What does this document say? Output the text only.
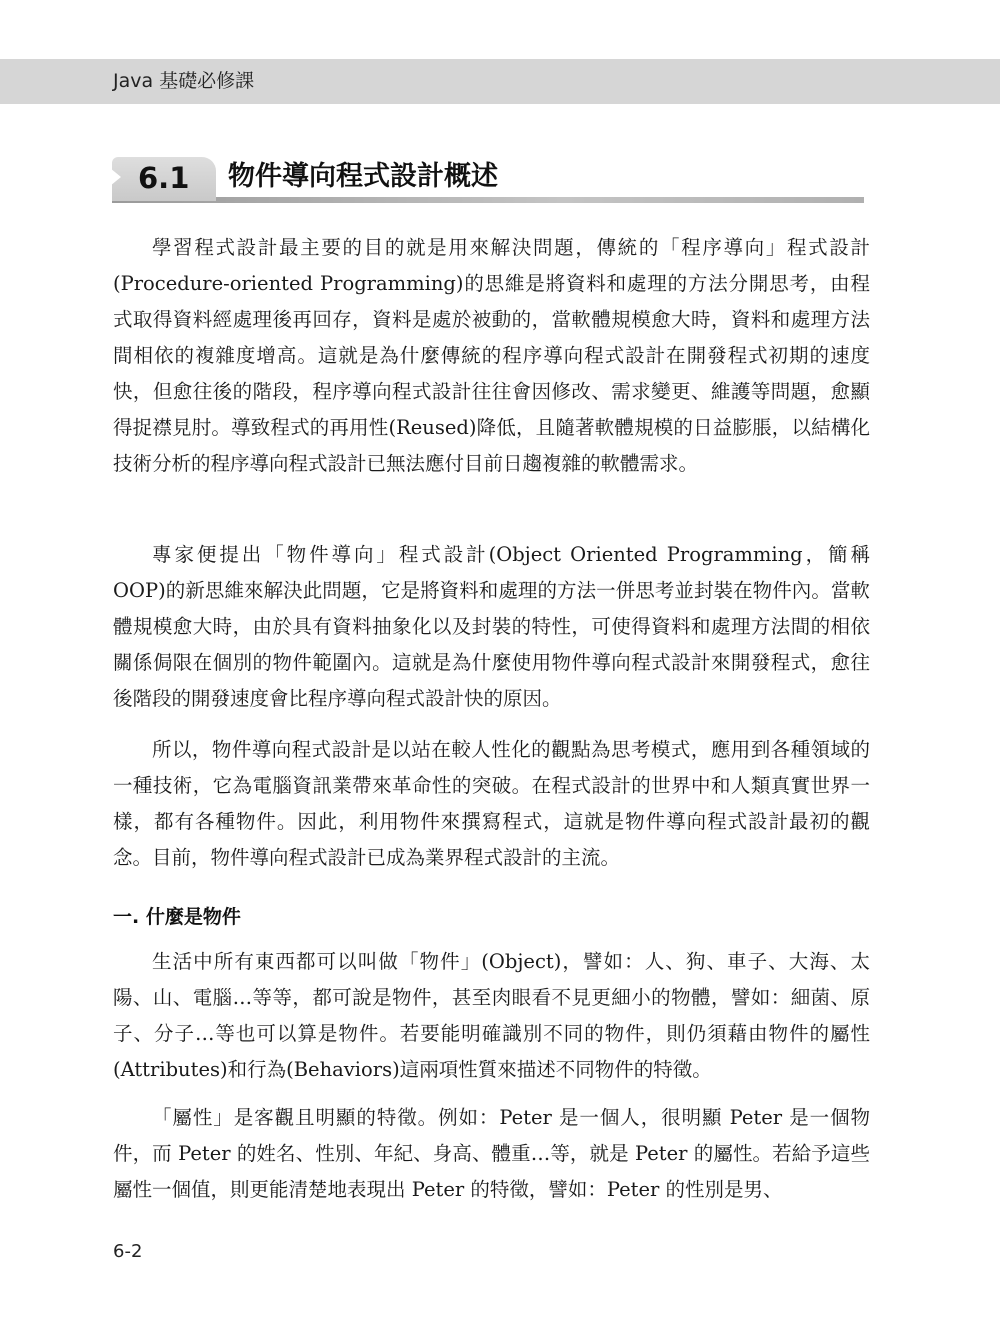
Java 基礎必修課
6.1 物件導向程式設計概述

學習程式設計最主要的目的就是用來解決問題，傳統的「程序導向」程式設計(Procedure-oriented Programming)的思維是將資料和處理的方法分開思考，由程式取得資料經處理後再回存，資料是處於被動的，當軟體規模愈大時，資料和處理方法間相依的複雜度增高。這就是為什麼傳統的程序導向程式設計在開發程式初期的速度快，但愈往後的階段，程序導向程式設計往往會因修改、需求變更、維護等問題，愈顯得捉襟見肘。導致程式的再用性(Reused)降低，且隨著軟體規模的日益膨脹，以結構化技術分析的程序導向程式設計已無法應付目前日趨複雜的軟體需求。

專家便提出「物件導向」程式設計(Object Oriented Programming，簡稱 OOP)的新思維來解決此問題，它是將資料和處理的方法一併思考並封裝在物件內。當軟體規模愈大時，由於具有資料抽象化以及封裝的特性，可使得資料和處理方法間的相依關係侷限在個別的物件範圍內。這就是為什麼使用物件導向程式設計來開發程式，愈往後階段的開發速度會比程序導向程式設計快的原因。

所以，物件導向程式設計是以站在較人性化的觀點為思考模式，應用到各種領域的一種技術，它為電腦資訊業帶來革命性的突破。在程式設計的世界中和人類真實世界一樣，都有各種物件。因此，利用物件來撰寫程式，這就是物件導向程式設計最初的觀念。目前，物件導向程式設計已成為業界程式設計的主流。

一. 什麼是物件

生活中所有東西都可以叫做「物件」(Object)，譬如：人、狗、車子、大海、太陽、山、電腦…等等，都可說是物件，甚至肉眼看不見更細小的物體，譬如：細菌、原子、分子…等也可以算是物件。若要能明確識別不同的物件，則仍須藉由物件的屬性(Attributes)和行為(Behaviors)這兩項性質來描述不同物件的特徵。

「屬性」是客觀且明顯的特徵。例如：Peter 是一個人，很明顯 Peter 是一個物件，而 Peter 的姓名、性別、年紀、身高、體重…等，就是 Peter 的屬性。若給予這些屬性一個值，則更能清楚地表現出 Peter 的特徵，譬如：Peter 的性別是男、

6-2
